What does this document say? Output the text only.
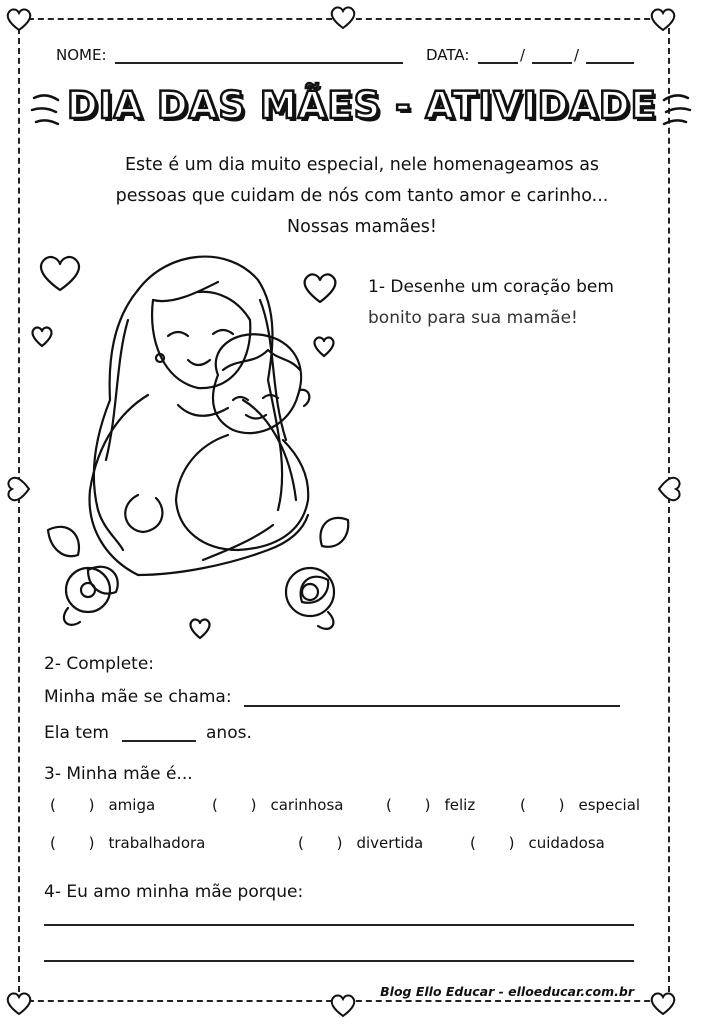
NOME:	DATA:	/	/
DIA DAS MÃES - ATIVIDADE
Este é um dia muito especial, nele homenageamos as
pessoas que cuidam de nós com tanto amor e carinho...
Nossas mamães!
1- Desenhe um coração bem
bonito para sua mamãe!
2- Complete:
Minha mãe se chama:
Ela tem	anos.
3- Minha mãe é...
( )amiga	( )carinhosa	( )feliz	( )especial
( )trabalhadora	( )divertida	( )cuidadosa
4- Eu amo minha mãe porque:
Blog Ello Educar - elloeducar.com.br
